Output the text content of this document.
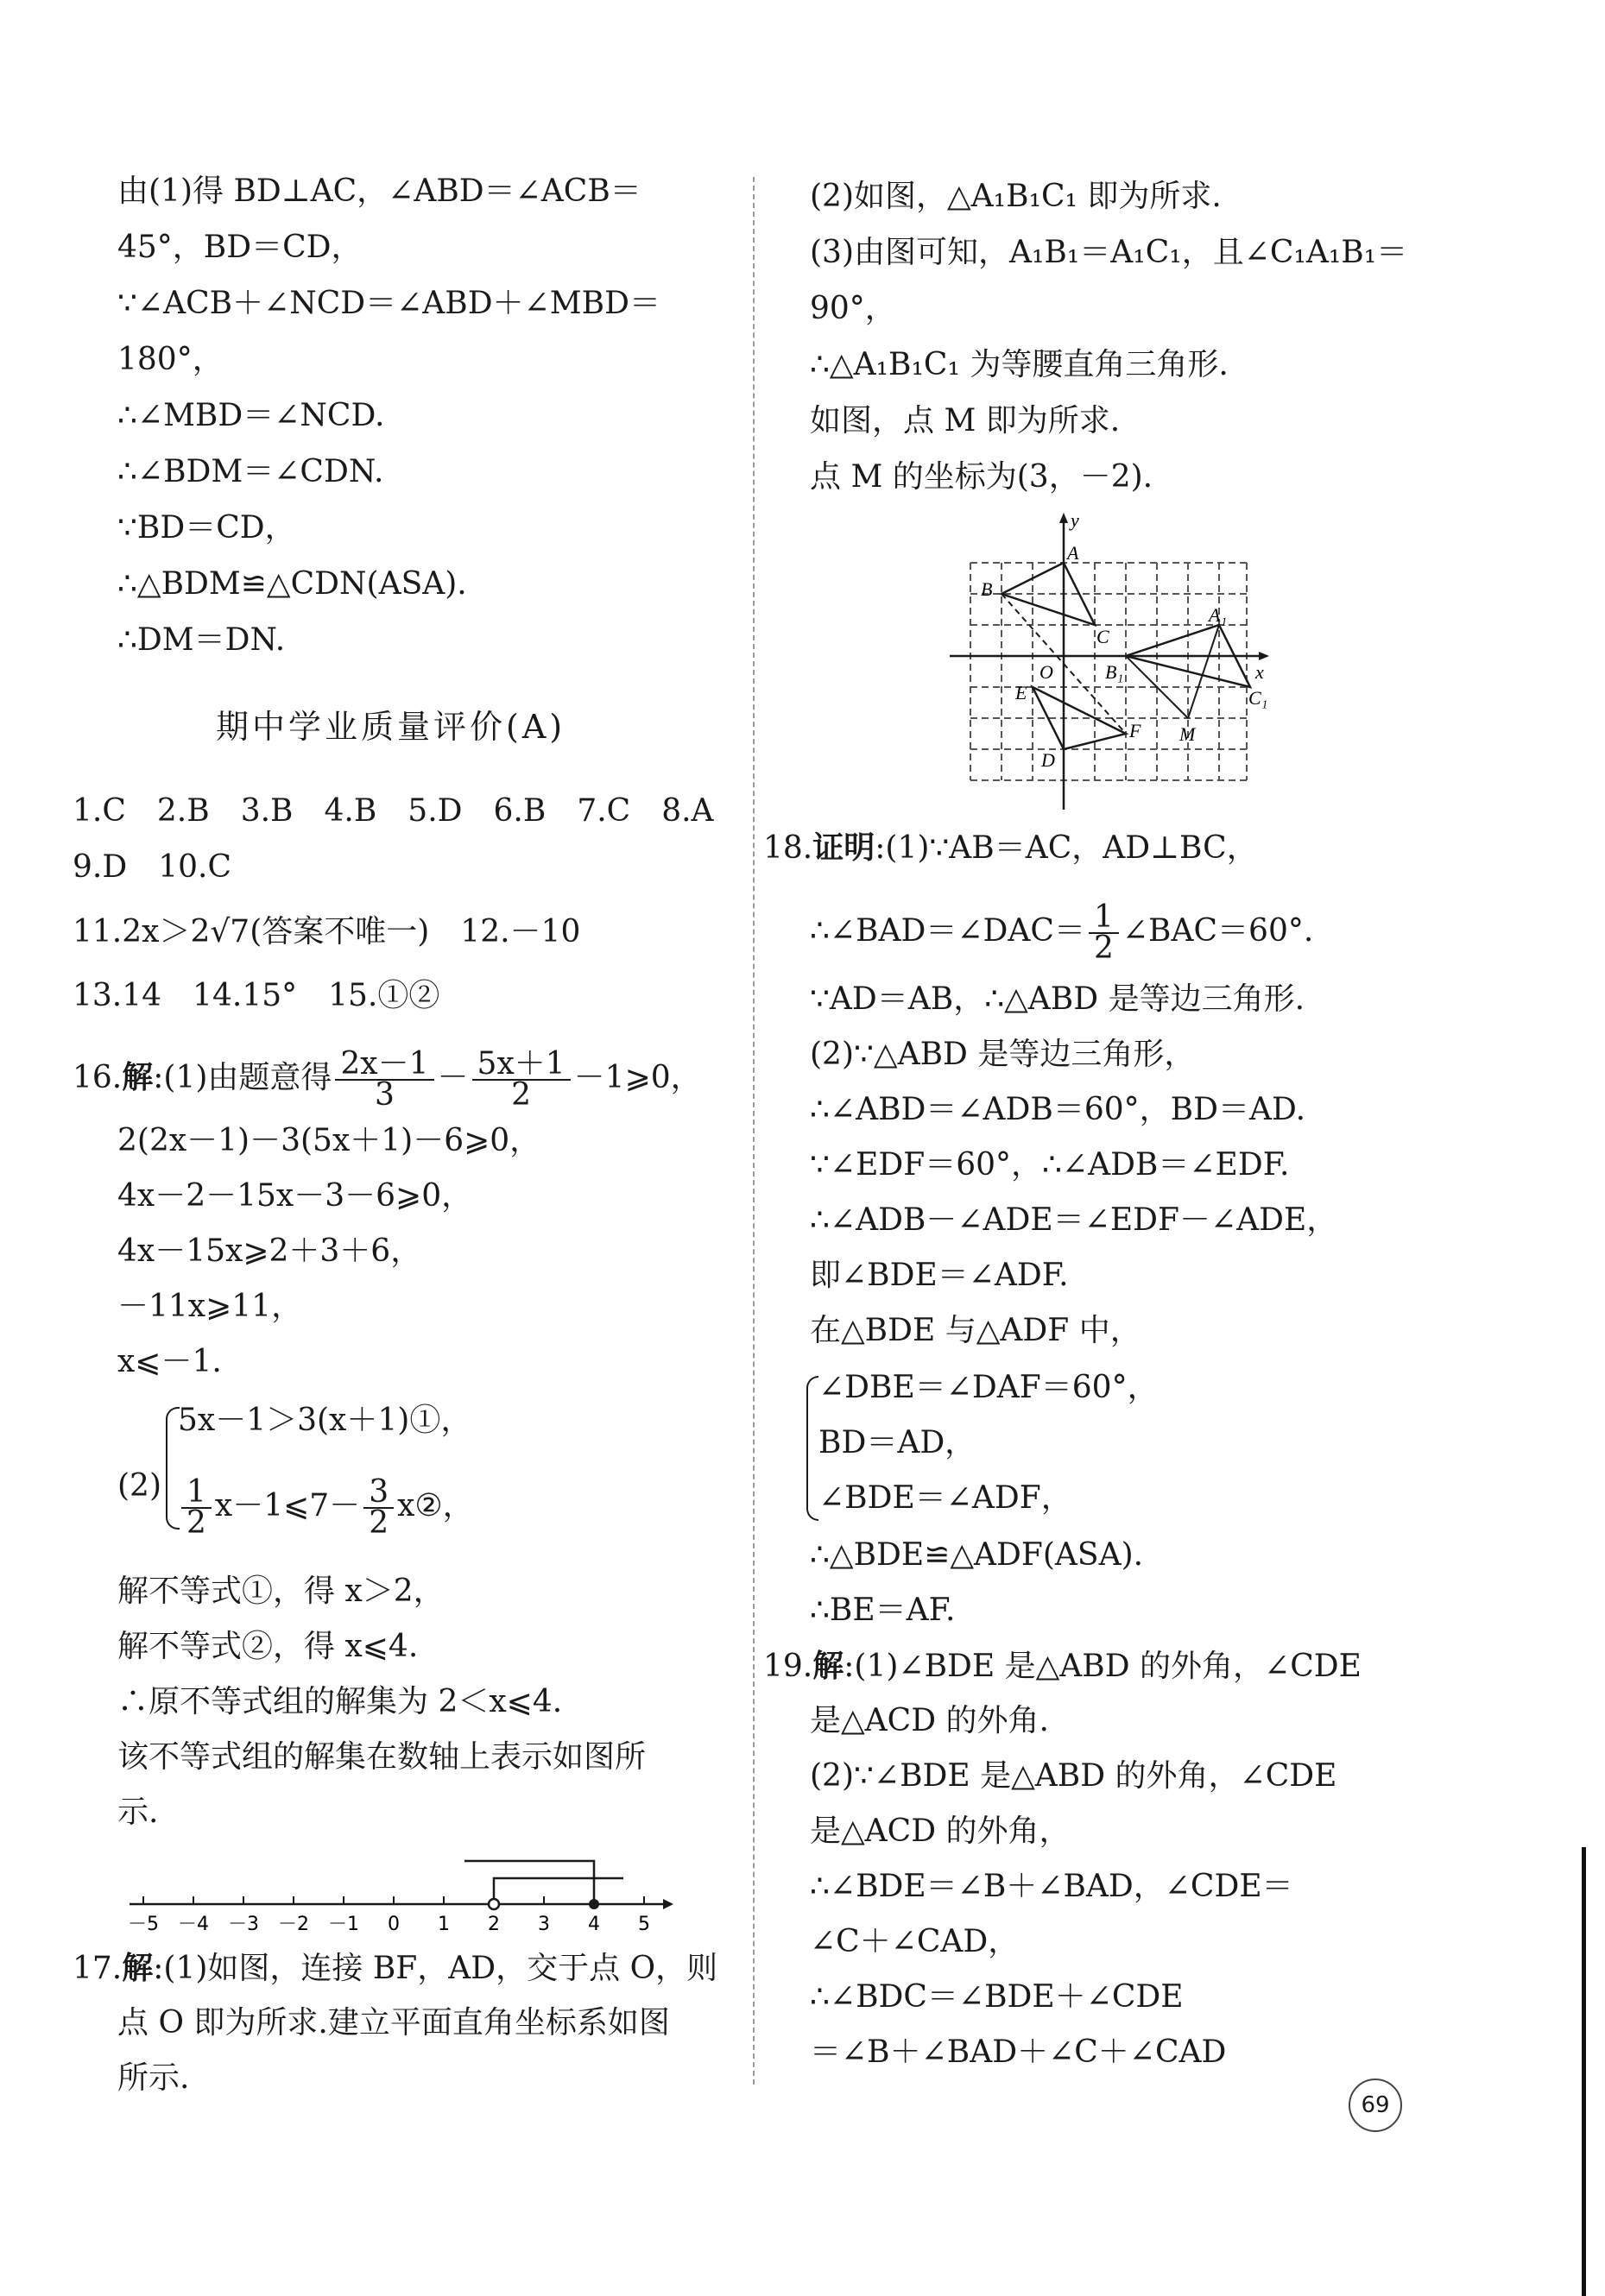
由(1)得 BD⊥AC，∠ABD＝∠ACB＝
45°，BD＝CD，
∵∠ACB＋∠NCD＝∠ABD＋∠MBD＝
180°，
∴∠MBD＝∠NCD.
∴∠BDM＝∠CDN.
∵BD＝CD，
∴△BDM≌△CDN(ASA).
∴DM＝DN.
期中学业质量评价(A)
1.C　2.B　3.B　4.B　5.D　6.B　7.C　8.A
9.D　10.C
11.2x＞2√7(答案不唯一)　12.－10
13.14　14.15°　15.①②
16.解:(1)由题意得 $\frac{2x-1}{3} - \frac{5x+1}{2}$ －1⩾0，
2(2x－1)－3(5x＋1)－6⩾0，
4x－2－15x－3－6⩾0，
4x－15x⩾2＋3＋6，
－11x⩾11，
x⩽－1.
(2)
5x－1＞3(x＋1)①，
$\frac{1}{2}$ x－1⩽7－ $\frac{3}{2}$ x②，
解不等式①，得 x＞2，
解不等式②，得 x⩽4.
∴原不等式组的解集为 2＜x⩽4.
该不等式组的解集在数轴上表示如图所
示.
－5 －4 －3 －2 －1 0 1 2 3 4 5
17.解:(1)如图，连接 BF，AD，交于点 O，则
点 O 即为所求.建立平面直角坐标系如图
所示.
(2)如图，△A₁B₁C₁ 即为所求.
(3)由图可知，A₁B₁＝A₁C₁，且∠C₁A₁B₁＝
90°，
∴△A₁B₁C₁ 为等腰直角三角形.
如图，点 M 即为所求.
点 M 的坐标为(3，－2).
y
x
A
B
C
O	B₁
A₁
C₁
E
D
F M
18.证明:(1)∵AB＝AC，AD⊥BC，
∴∠BAD＝∠DAC＝ $\frac{1}{2}$ ∠BAC＝60°.
∵AD＝AB，∴△ABD 是等边三角形.
(2)∵△ABD 是等边三角形，
∴∠ABD＝∠ADB＝60°，BD＝AD.
∵∠EDF＝60°，∴∠ADB＝∠EDF.
∴∠ADB－∠ADE＝∠EDF－∠ADE，
即∠BDE＝∠ADF.
在△BDE 与△ADF 中，
∠DBE＝∠DAF＝60°，
BD＝AD，
∠BDE＝∠ADF，
∴△BDE≌△ADF(ASA).
∴BE＝AF.
19.解:(1)∠BDE 是△ABD 的外角，∠CDE
是△ACD 的外角.
(2)∵∠BDE 是△ABD 的外角，∠CDE
是△ACD 的外角，
∴∠BDE＝∠B＋∠BAD，∠CDE＝
∠C＋∠CAD，
∴∠BDC＝∠BDE＋∠CDE
＝∠B＋∠BAD＋∠C＋∠CAD
69
